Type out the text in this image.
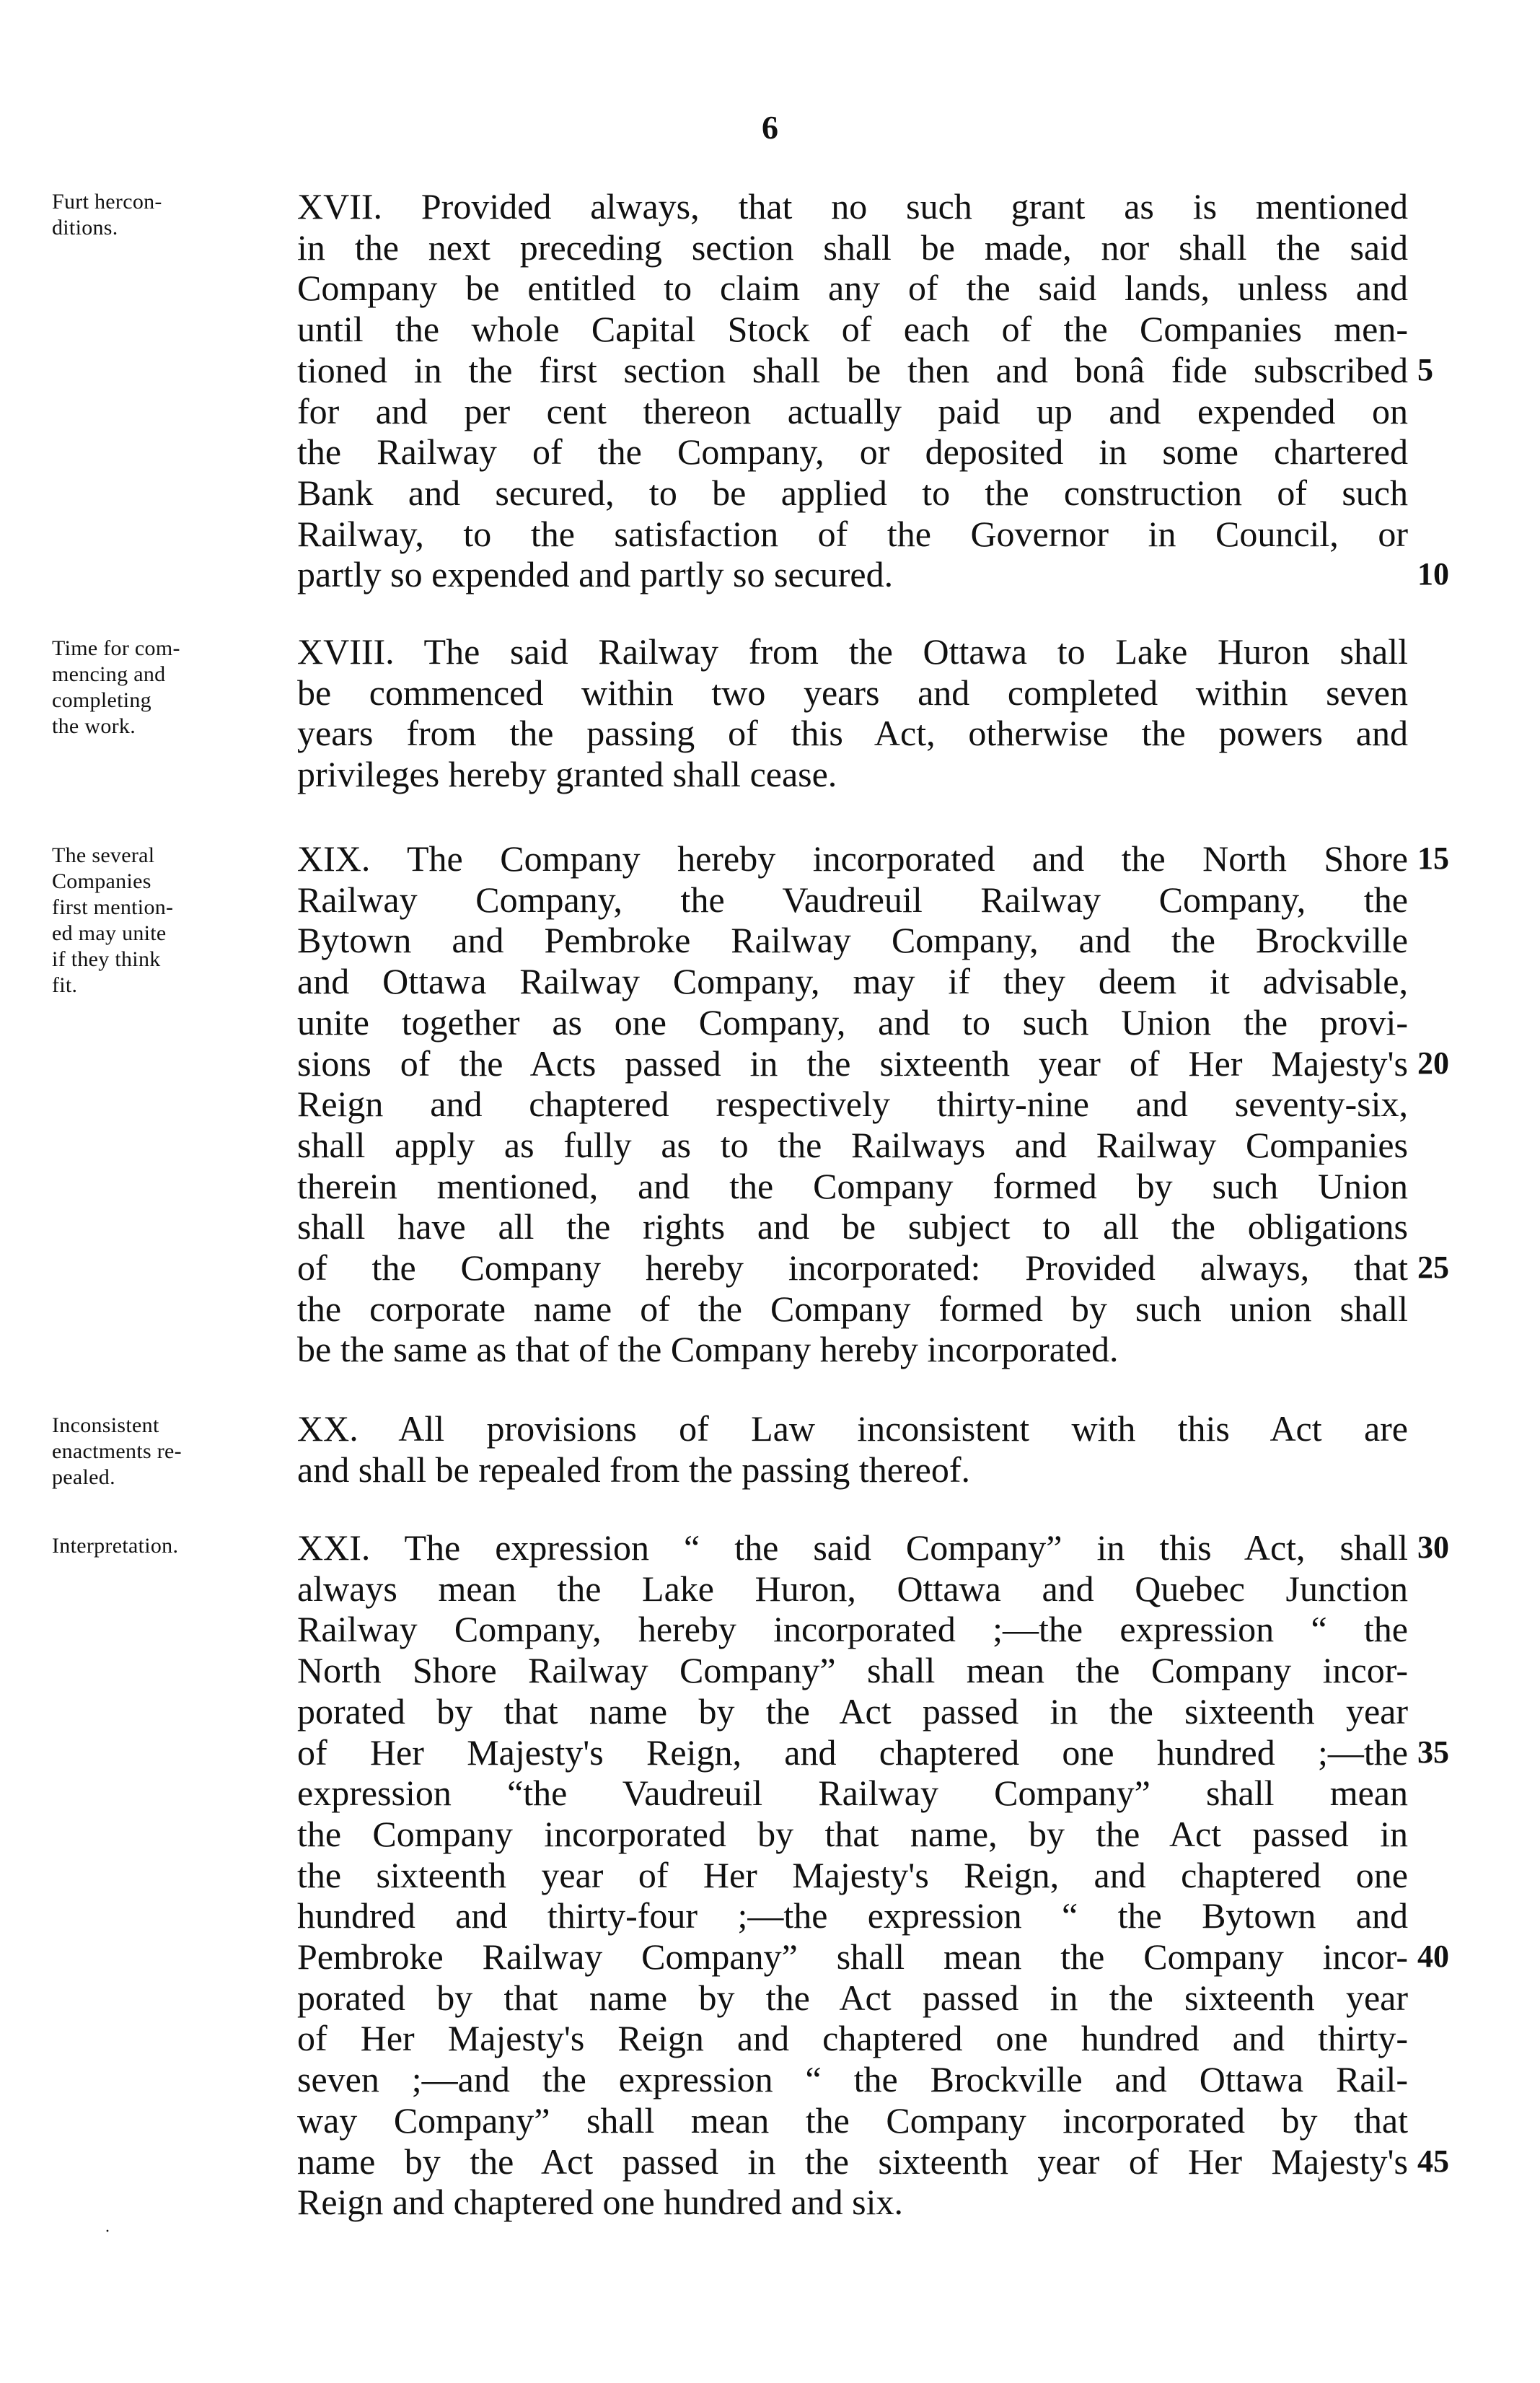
6
Furt hercon-
ditions.
XVII. Provided always, that no such grant as is mentioned
in the next preceding section shall be made, nor shall the said
Company be entitled to claim any of the said lands, unless and
until the whole Capital Stock of each of the Companies men-
tioned in the first section shall be then and bonâ fide subscribed
for and per cent thereon actually paid up and expended on
the Railway of the Company, or deposited in some chartered
Bank and secured, to be applied to the construction of such
Railway, to the satisfaction of the Governor in Council, or
partly so expended and partly so secured.
5
10
Time for com-
mencing and
completing
the work.
XVIII. The said Railway from the Ottawa to Lake Huron shall
be commenced within two years and completed within seven
years from the passing of this Act, otherwise the powers and
privileges hereby granted shall cease.
The several
Companies
first mention-
ed may unite
if they think
fit.
XIX. The Company hereby incorporated and the North Shore
Railway Company, the Vaudreuil Railway Company, the
Bytown and Pembroke Railway Company, and the Brockville
and Ottawa Railway Company, may if they deem it advisable,
unite together as one Company, and to such Union the provi-
sions of the Acts passed in the sixteenth year of Her Majesty's
Reign and chaptered respectively thirty-nine and seventy-six,
shall apply as fully as to the Railways and Railway Companies
therein mentioned, and the Company formed by such Union
shall have all the rights and be subject to all the obligations
of the Company hereby incorporated: Provided always, that
the corporate name of the Company formed by such union shall
be the same as that of the Company hereby incorporated.
15
20
25
Inconsistent
enactments re-
pealed.
XX. All provisions of Law inconsistent with this Act are
and shall be repealed from the passing thereof.
Interpretation.	XXI. The expression “ the said Company” in this Act, shall
always mean the Lake Huron, Ottawa and Quebec Junction
Railway Company, hereby incorporated ;—the expression “ the
North Shore Railway Company” shall mean the Company incor-
porated by that name by the Act passed in the sixteenth year
of Her Majesty's Reign, and chaptered one hundred ;—the
expression “the Vaudreuil Railway Company” shall mean
the Company incorporated by that name, by the Act passed in
the sixteenth year of Her Majesty's Reign, and chaptered one
hundred and thirty-four ;—the expression “ the Bytown and
Pembroke Railway Company” shall mean the Company incor-
porated by that name by the Act passed in the sixteenth year
of Her Majesty's Reign and chaptered one hundred and thirty-
seven ;—and the expression “ the Brockville and Ottawa Rail-
way Company” shall mean the Company incorporated by that
name by the Act passed in the sixteenth year of Her Majesty's
Reign and chaptered one hundred and six.
30
35
40
45
·
